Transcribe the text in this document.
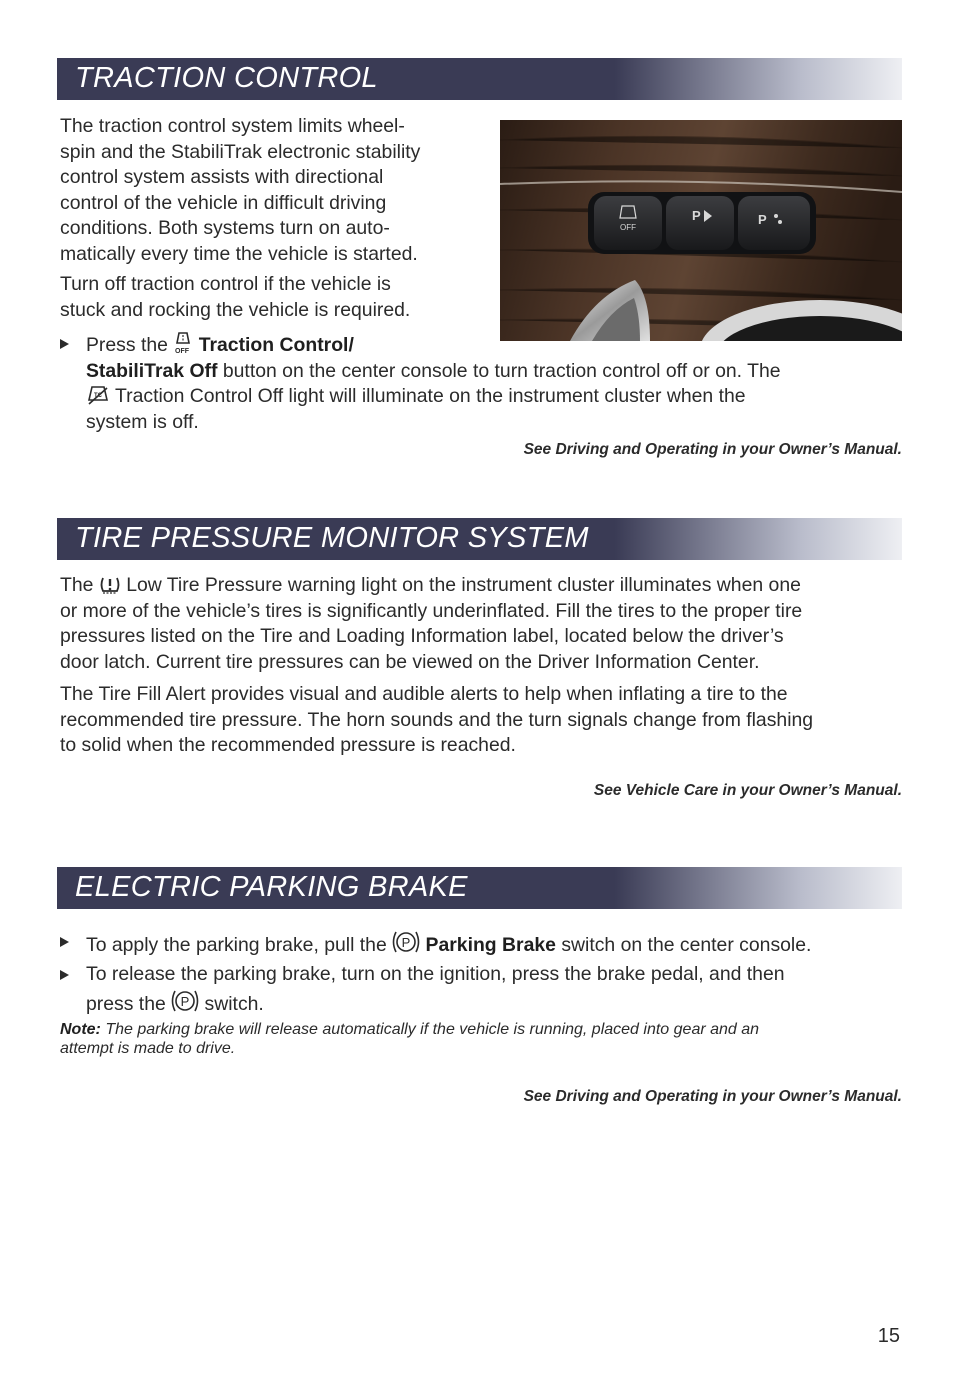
TRACTION CONTROL
The traction control system limits wheel-
spin and the StabiliTrak electronic stability
control system assists with directional
control of the vehicle in difficult driving
conditions. Both systems turn on auto-
matically every time the vehicle is started.
Turn off traction control if the vehicle is
stuck and rocking the vehicle is required.
Press the OFF Traction Control/
StabiliTrak Off button on the center console to turn traction control off or on. The
TC Traction Control Off light will illuminate on the instrument cluster when the
system is off.
See Driving and Operating in your Owner’s Manual.
OFF
P	P
TIRE PRESSURE MONITOR SYSTEM
The Low Tire Pressure warning light on the instrument cluster illuminates when one
or more of the vehicle’s tires is significantly underinflated. Fill the tires to the proper tire
pressures listed on the Tire and Loading Information label, located below the driver’s
door latch. Current tire pressures can be viewed on the Driver Information Center.
The Tire Fill Alert provides visual and audible alerts to help when inflating a tire to the
recommended tire pressure. The horn sounds and the turn signals change from flashing
to solid when the recommended pressure is reached.
See Vehicle Care in your Owner’s Manual.
ELECTRIC PARKING BRAKE
To apply the parking brake, pull the P Parking Brake switch on the center console.
To release the parking brake, turn on the ignition, press the brake pedal, and then
press the P switch.
Note: The parking brake will release automatically if the vehicle is running, placed into gear and an
attempt is made to drive.
See Driving and Operating in your Owner’s Manual.
15
